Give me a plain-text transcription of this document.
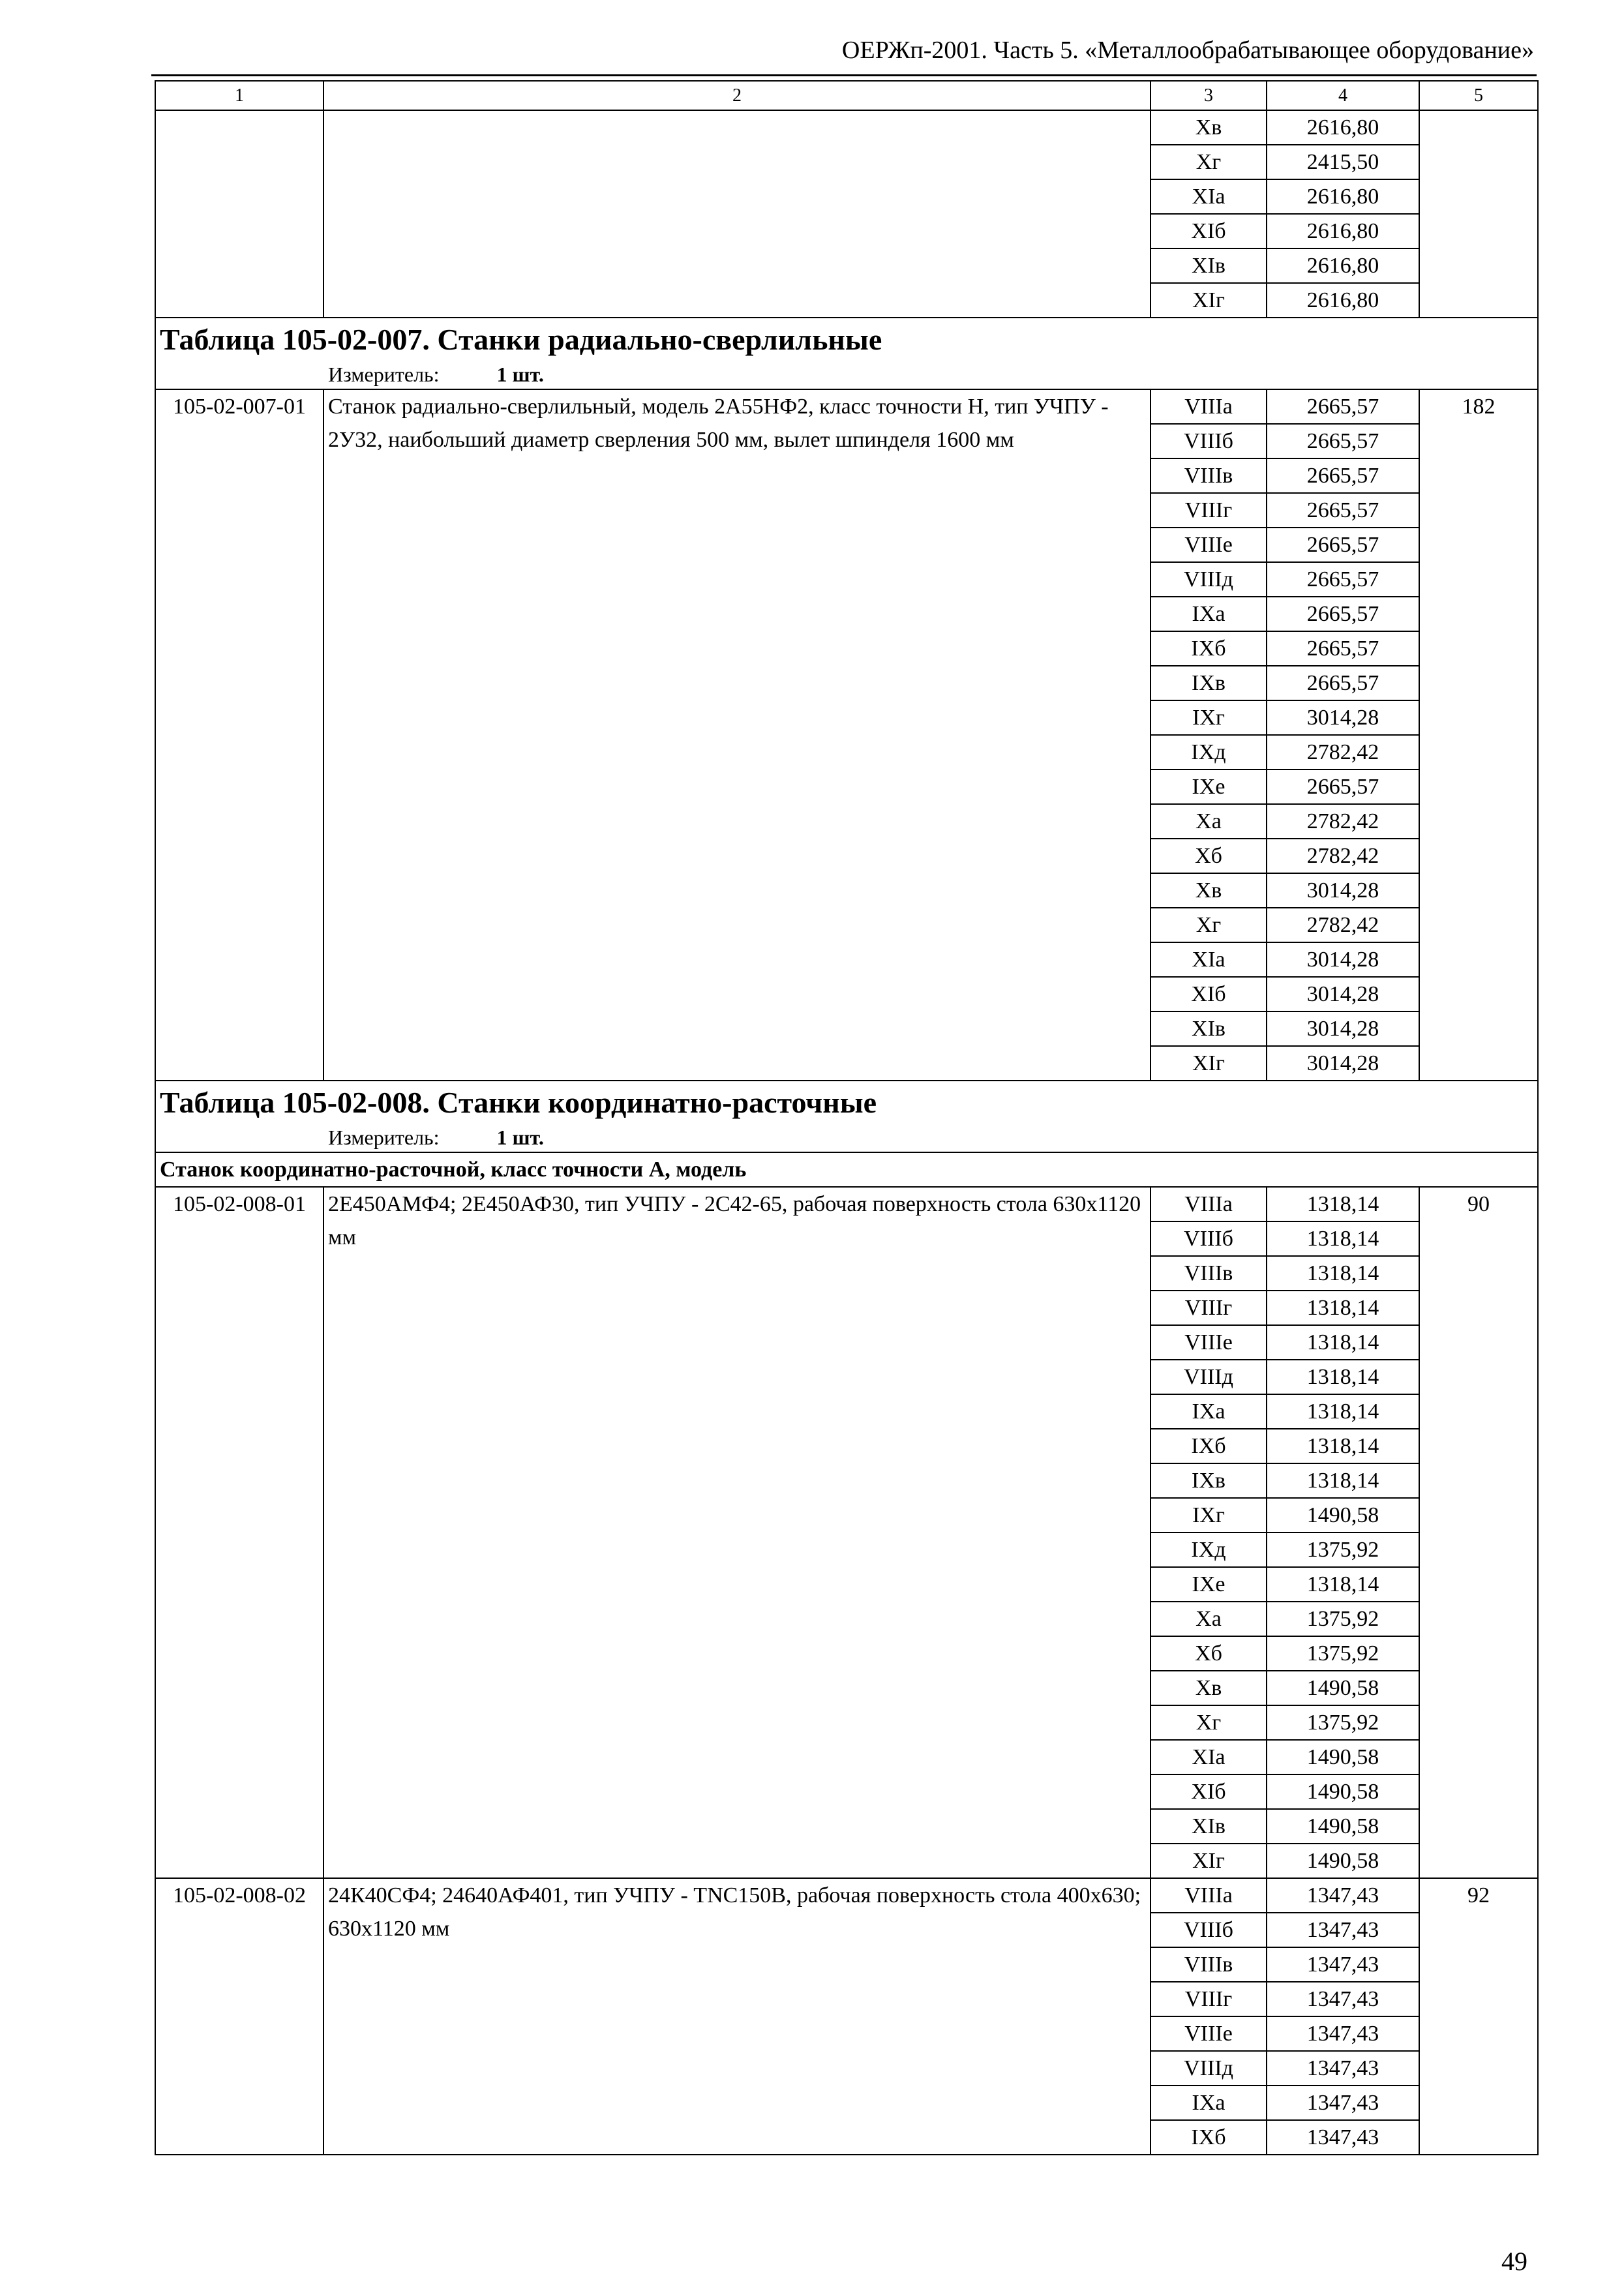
ОЕРЖп-2001. Часть 5. «Металлообрабатывающее оборудование»
1	2	3	4	5
		Xв	2616,80	
		Xг	2415,50	
		XIа	2616,80	
		XIб	2616,80	
		XIв	2616,80	
		XIг	2616,80	

Таблица 105-02-007. Станки радиально-сверлильные
Измеритель: 1 шт.				

105-02-007-01	Станок радиально-сверлильный, модель 2А55НФ2, класс точности Н, тип УЧПУ - 2У32, наибольший диаметр сверления 500 мм, вылет шпинделя 1600 мм	VIIIа	2665,57	182
		VIIIб	2665,57	
		VIIIв	2665,57	
		VIIIг	2665,57	
		VIIIе	2665,57	
		VIIIд	2665,57	
		IXа	2665,57	
		IXб	2665,57	
		IXв	2665,57	
		IXг	3014,28	
		IXд	2782,42	
		IXе	2665,57	
		Xа	2782,42	
		Xб	2782,42	
		Xв	3014,28	
		Xг	2782,42	
		XIа	3014,28	
		XIб	3014,28	
		XIв	3014,28	
		XIг	3014,28	

Таблица 105-02-008. Станки координатно-расточные
Измеритель: 1 шт.				

Станок координатно-расточной, класс точности А, модель				
105-02-008-01	2Е450АМФ4; 2Е450АФ30, тип УЧПУ - 2С42-65, рабочая поверхность стола 630х1120 мм	VIIIа	1318,14	90
		VIIIб	1318,14	
		VIIIв	1318,14	
		VIIIг	1318,14	
		VIIIе	1318,14	
		VIIIд	1318,14	
		IXа	1318,14	
		IXб	1318,14	
		IXв	1318,14	
		IXг	1490,58	
		IXд	1375,92	
		IXе	1318,14	
		Xа	1375,92	
		Xб	1375,92	
		Xв	1490,58	
		Xг	1375,92	
		XIа	1490,58	
		XIб	1490,58	
		XIв	1490,58	
		XIг	1490,58	
105-02-008-02	24К40СФ4; 24640АФ401, тип УЧПУ - TNC150B, рабочая поверхность стола 400х630; 630х1120 мм	VIIIа	1347,43	92
		VIIIб	1347,43	
		VIIIв	1347,43	
		VIIIг	1347,43	
		VIIIе	1347,43	
		VIIIд	1347,43	
		IXа	1347,43	
		IXб	1347,43	
49
